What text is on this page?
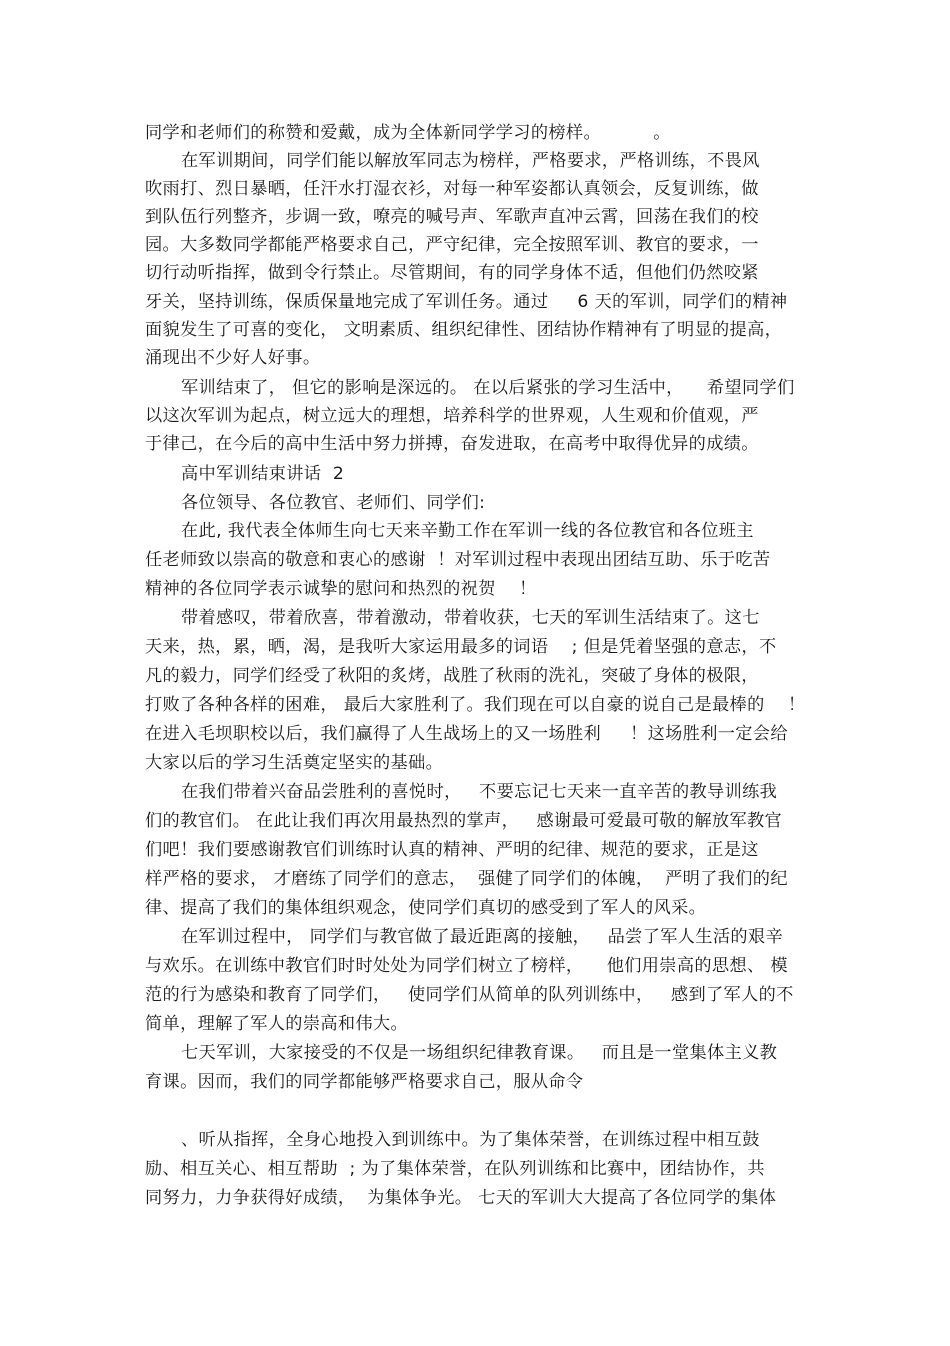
同学和老师们的称赞和爱戴，成为全体新同学学习的榜样。         。
在军训期间，同学们能以解放军同志为榜样，严格要求，严格训练，不畏风
吹雨打、烈日暴晒，任汗水打湿衣衫，对每一种军姿都认真领会，反复训练，做
到队伍行列整齐，步调一致，嘹亮的喊号声、军歌声直冲云霄，回荡在我们的校
园。大多数同学都能严格要求自己，严守纪律，完全按照军训、教官的要求，一
切行动听指挥，做到令行禁止。尽管期间，有的同学身体不适，但他们仍然咬紧
牙关，坚持训练，保质保量地完成了军训任务。通过     6 天的军训，同学们的精神
面貌发生了可喜的变化， 文明素质、组织纪律性、团结协作精神有了明显的提高，
涌现出不少好人好事。
军训结束了， 但它的影响是深远的。 在以后紧张的学习生活中，    希望同学们
以这次军训为起点，树立远大的理想，培养科学的世界观，人生观和价值观，严
于律己，在今后的高中生活中努力拼搏，奋发进取，在高考中取得优异的成绩。
高中军训结束讲话  2
各位领导、各位教官、老师们、同学们:
在此, 我代表全体师生向七天来辛勤工作在军训一线的各位教官和各位班主
任老师致以崇高的敬意和衷心的感谢  ！对军训过程中表现出团结互助、乐于吃苦
精神的各位同学表示诚挚的慰问和热烈的祝贺    ！
带着感叹，带着欣喜，带着激动，带着收获，七天的军训生活结束了。这七
天来，热，累，晒，渴，是我听大家运用最多的词语    ; 但是凭着坚强的意志，不
凡的毅力，同学们经受了秋阳的炙烤，战胜了秋雨的洗礼，突破了身体的极限，
打败了各种各样的困难， 最后大家胜利了。我们现在可以自豪的说自己是最棒的    ！
在进入毛坝职校以后，我们赢得了人生战场上的又一场胜利     ！这场胜利一定会给
大家以后的学习生活奠定坚实的基础。
在我们带着兴奋品尝胜利的喜悦时，   不要忘记七天来一直辛苦的教导训练我
们的教官们。 在此让我们再次用最热烈的掌声，   感谢最可爱最可敬的解放军教官
们吧！我们要感谢教官们训练时认真的精神、严明的纪律、规范的要求，正是这
样严格的要求， 才磨练了同学们的意志，  强健了同学们的体魄，  严明了我们的纪
律、提高了我们的集体组织观念，使同学们真切的感受到了军人的风采。
在军训过程中， 同学们与教官做了最近距离的接触，   品尝了军人生活的艰辛
与欢乐。在训练中教官们时时处处为同学们树立了榜样，    他们用崇高的思想、 模
范的行为感染和教育了同学们，   使同学们从简单的队列训练中，   感到了军人的不
简单，理解了军人的崇高和伟大。
七天军训，大家接受的不仅是一场组织纪律教育课。   而且是一堂集体主义教
育课。因而，我们的同学都能够严格要求自己，服从命令
、听从指挥，全身心地投入到训练中。为了集体荣誉，在训练过程中相互鼓
励、相互关心、相互帮助  ; 为了集体荣誉，在队列训练和比赛中，团结协作，共
同努力，力争获得好成绩，  为集体争光。 七天的军训大大提高了各位同学的集体
